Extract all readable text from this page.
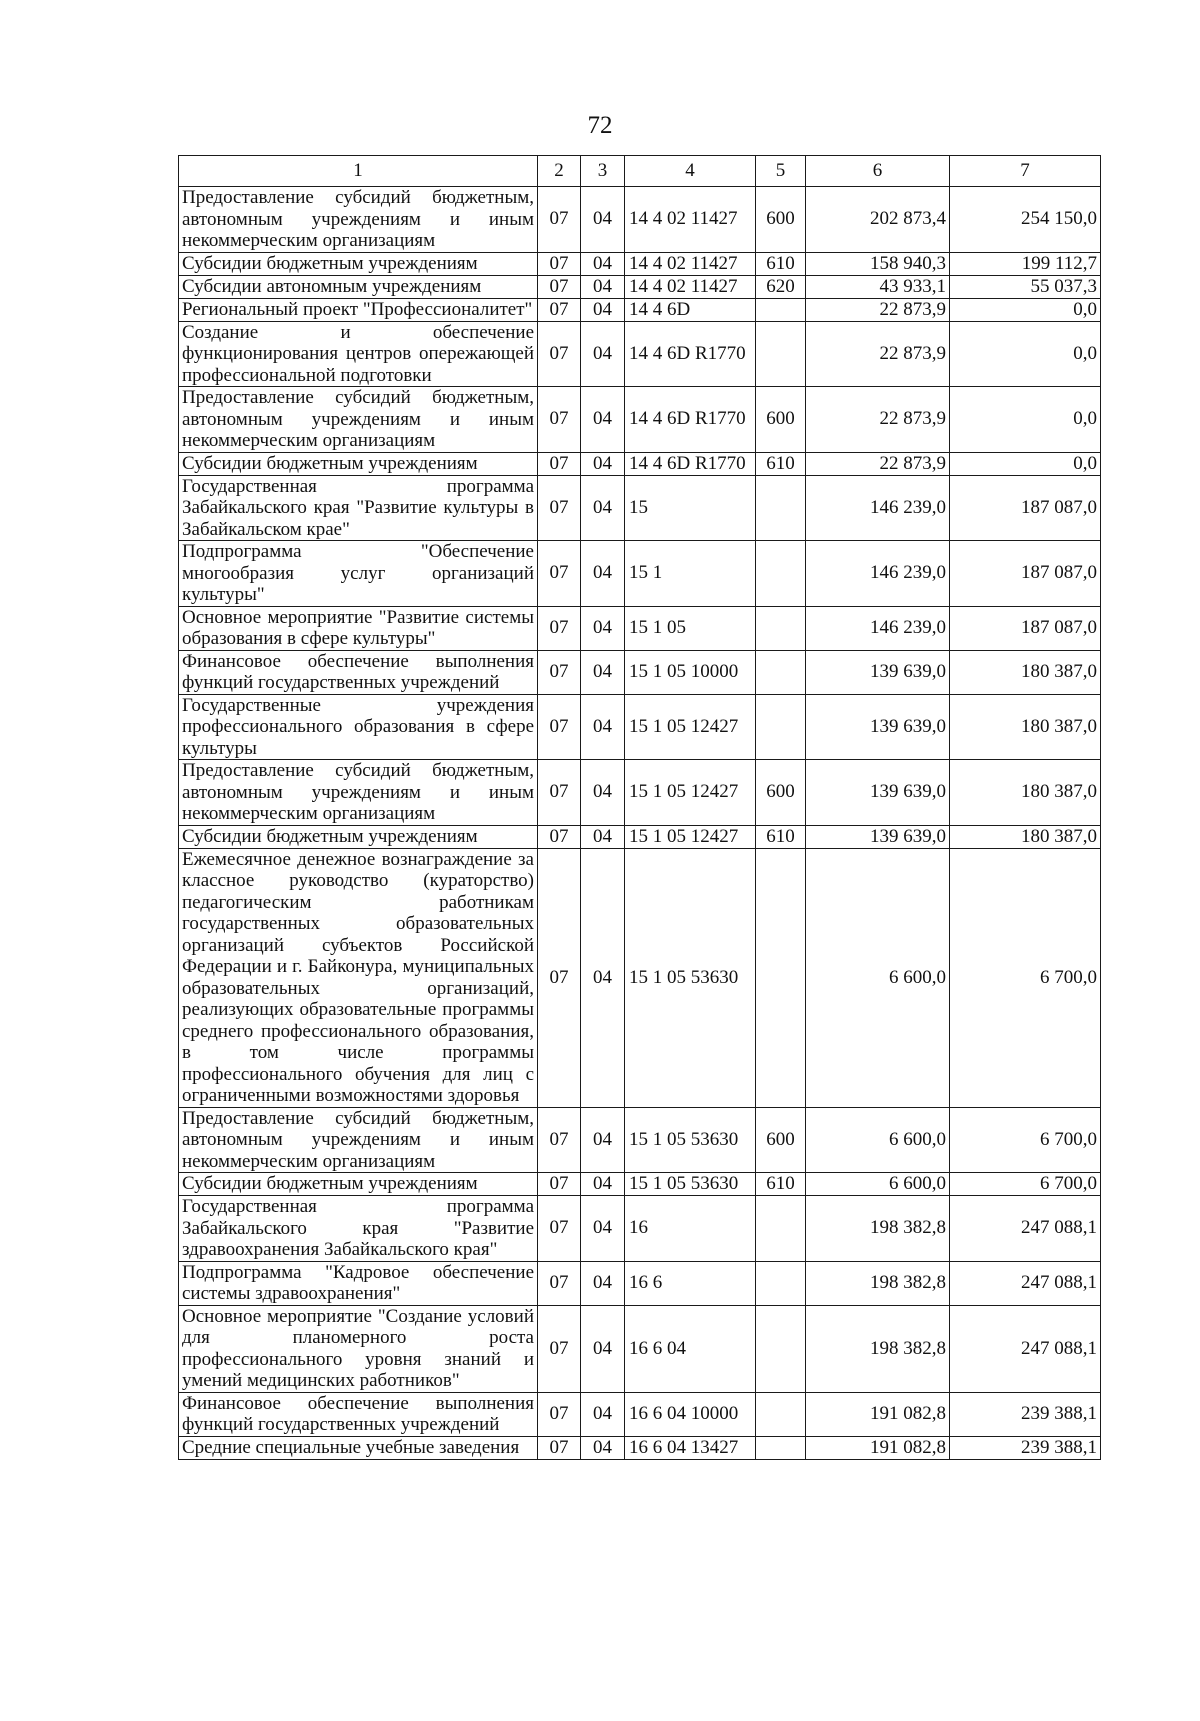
72
1	2	3	4	5	6	7
Предоставление субсидий бюджетным, автономным учреждениям и иным некоммерческим организациям	07	04	14 4 02 11427	600	202 873,4	254 150,0
Субсидии бюджетным учреждениям	07	04	14 4 02 11427	610	158 940,3	199 112,7
Субсидии автономным учреждениям	07	04	14 4 02 11427	620	43 933,1	55 037,3
Региональный проект "Профессионалитет"	07	04	14 4 6D		22 873,9	0,0
Создание и обеспечение функционирования центров опережающей профессиональной подготовки	07	04	14 4 6D R1770		22 873,9	0,0
Предоставление субсидий бюджетным, автономным учреждениям и иным некоммерческим организациям	07	04	14 4 6D R1770	600	22 873,9	0,0
Субсидии бюджетным учреждениям	07	04	14 4 6D R1770	610	22 873,9	0,0
Государственная программа Забайкальского края "Развитие культуры в Забайкальском крае"	07	04	15		146 239,0	187 087,0
Подпрограмма "Обеспечение многообразия услуг организаций культуры"	07	04	15 1		146 239,0	187 087,0
Основное мероприятие "Развитие системы образования в сфере культуры"	07	04	15 1 05		146 239,0	187 087,0
Финансовое обеспечение выполнения функций государственных учреждений	07	04	15 1 05 10000		139 639,0	180 387,0
Государственные учреждения профессионального образования в сфере культуры	07	04	15 1 05 12427		139 639,0	180 387,0
Предоставление субсидий бюджетным, автономным учреждениям и иным некоммерческим организациям	07	04	15 1 05 12427	600	139 639,0	180 387,0
Субсидии бюджетным учреждениям	07	04	15 1 05 12427	610	139 639,0	180 387,0
Ежемесячное денежное вознаграждение за классное руководство (кураторство) педагогическим работникам государственных образовательных организаций субъектов Российской Федерации и г. Байконура, муниципальных образовательных организаций, реализующих образовательные программы среднего профессионального образования, в том числе программы профессионального обучения для лиц с ограниченными возможностями здоровья	07	04	15 1 05 53630		6 600,0	6 700,0
Предоставление субсидий бюджетным, автономным учреждениям и иным некоммерческим организациям	07	04	15 1 05 53630	600	6 600,0	6 700,0
Субсидии бюджетным учреждениям	07	04	15 1 05 53630	610	6 600,0	6 700,0
Государственная программа Забайкальского края "Развитие здравоохранения Забайкальского края"	07	04	16		198 382,8	247 088,1
Подпрограмма "Кадровое обеспечение системы здравоохранения"	07	04	16 6		198 382,8	247 088,1
Основное мероприятие "Создание условий для планомерного роста профессионального уровня знаний и умений медицинских работников"	07	04	16 6 04		198 382,8	247 088,1
Финансовое обеспечение выполнения функций государственных учреждений	07	04	16 6 04 10000		191 082,8	239 388,1
Средние специальные учебные заведения	07	04	16 6 04 13427		191 082,8	239 388,1
